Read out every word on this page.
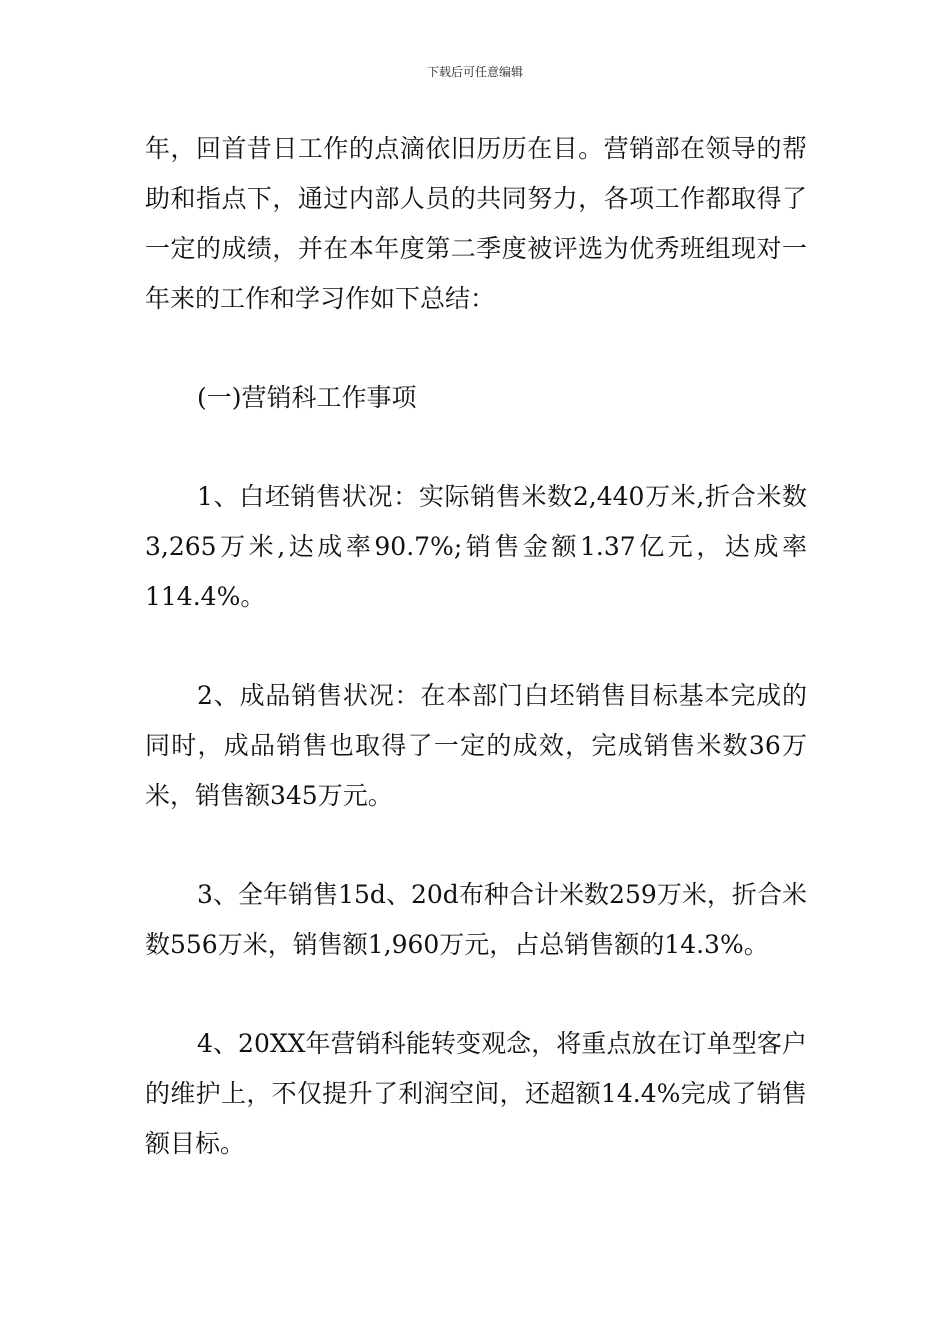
下载后可任意编辑

年，回首昔日工作的点滴依旧历历在目。营销部在领导的帮助和指点下，通过内部人员的共同努力，各项工作都取得了一定的成绩，并在本年度第二季度被评选为优秀班组现对一年来的工作和学习作如下总结：

(一)营销科工作事项

1、白坯销售状况：实际销售米数2,440万米,折合米数3,265万米,达成率90.7%;销售金额1.37亿元，达成率114.4%。

2、成品销售状况：在本部门白坯销售目标基本完成的同时，成品销售也取得了一定的成效，完成销售米数36万米，销售额345万元。

3、全年销售15d、20d布种合计米数259万米，折合米数556万米，销售额1,960万元，占总销售额的14.3%。

4、20XX年营销科能转变观念，将重点放在订单型客户的维护上，不仅提升了利润空间，还超额14.4%完成了销售额目标。
